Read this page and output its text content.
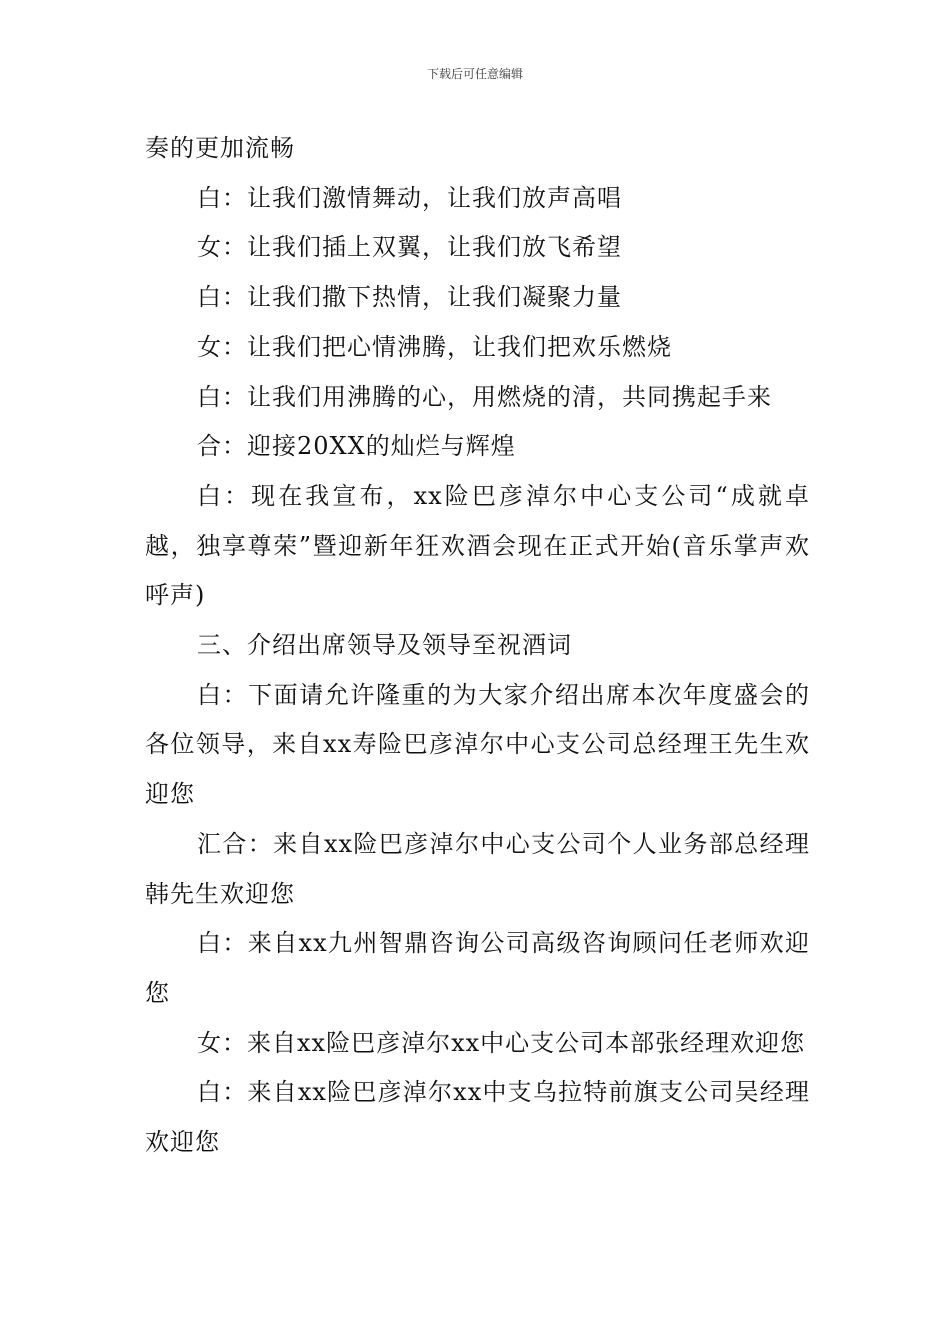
下载后可任意编辑

奏的更加流畅

白：让我们激情舞动，让我们放声高唱

女：让我们插上双翼，让我们放飞希望

白：让我们撒下热情，让我们凝聚力量

女：让我们把心情沸腾，让我们把欢乐燃烧

白：让我们用沸腾的心，用燃烧的清，共同携起手来

合：迎接20XX的灿烂与辉煌

白：现在我宣布，xx险巴彦淖尔中心支公司“成就卓越，独享尊荣”暨迎新年狂欢酒会现在正式开始(音乐掌声欢呼声)

三、介绍出席领导及领导至祝酒词

白：下面请允许隆重的为大家介绍出席本次年度盛会的各位领导，来自xx寿险巴彦淖尔中心支公司总经理王先生欢迎您

汇合：来自xx险巴彦淖尔中心支公司个人业务部总经理韩先生欢迎您

白：来自xx九州智鼎咨询公司高级咨询顾问任老师欢迎您

女：来自xx险巴彦淖尔xx中心支公司本部张经理欢迎您

白：来自xx险巴彦淖尔xx中支乌拉特前旗支公司吴经理欢迎您
